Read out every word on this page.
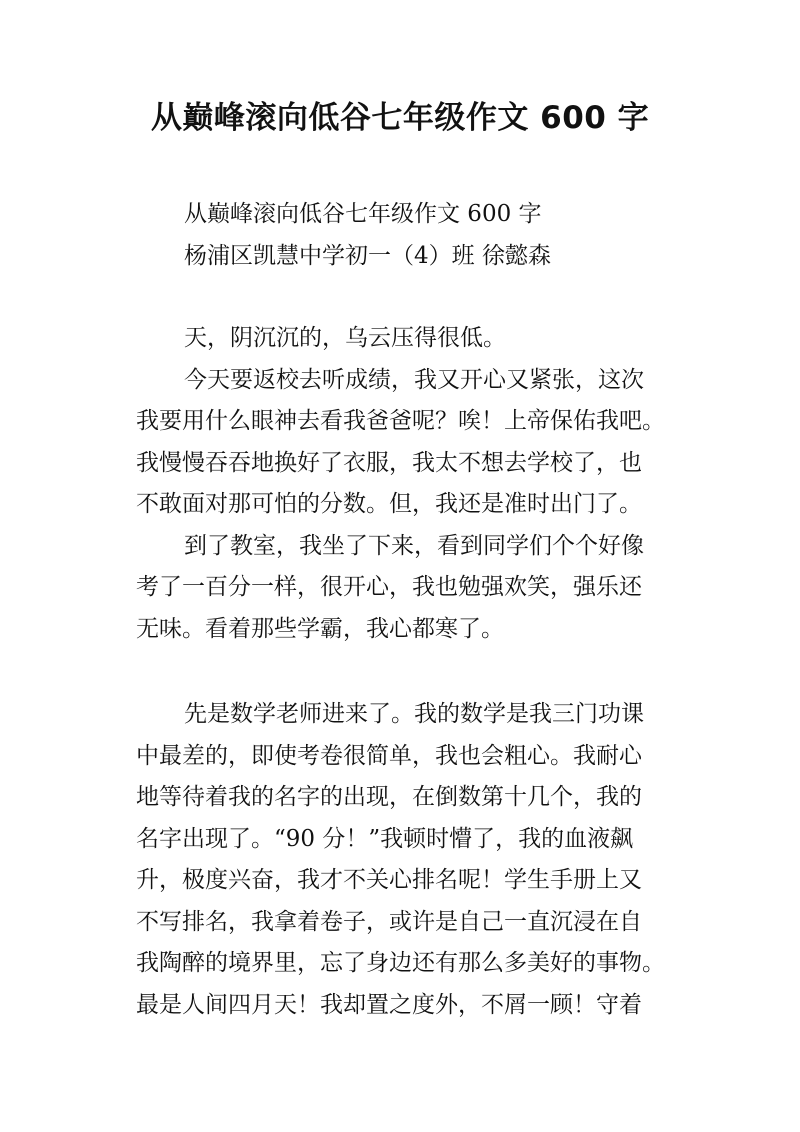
从巅峰滚向低谷七年级作文 600 字
从巅峰滚向低谷七年级作文 600 字
杨浦区凯慧中学初一（4）班 徐懿森
天，阴沉沉的，乌云压得很低。
今天要返校去听成绩，我又开心又紧张，这次
我要用什么眼神去看我爸爸呢？唉！上帝保佑我吧。
我慢慢吞吞地换好了衣服，我太不想去学校了，也
不敢面对那可怕的分数。但，我还是准时出门了。
到了教室，我坐了下来，看到同学们个个好像
考了一百分一样，很开心，我也勉强欢笑，强乐还
无味。看着那些学霸，我心都寒了。
先是数学老师进来了。我的数学是我三门功课
中最差的，即使考卷很简单，我也会粗心。我耐心
地等待着我的名字的出现，在倒数第十几个，我的
名字出现了。“90 分！”我顿时懵了，我的血液飙
升，极度兴奋，我才不关心排名呢！学生手册上又
不写排名，我拿着卷子，或许是自己一直沉浸在自
我陶醉的境界里，忘了身边还有那么多美好的事物。
最是人间四月天！我却置之度外，不屑一顾！守着
